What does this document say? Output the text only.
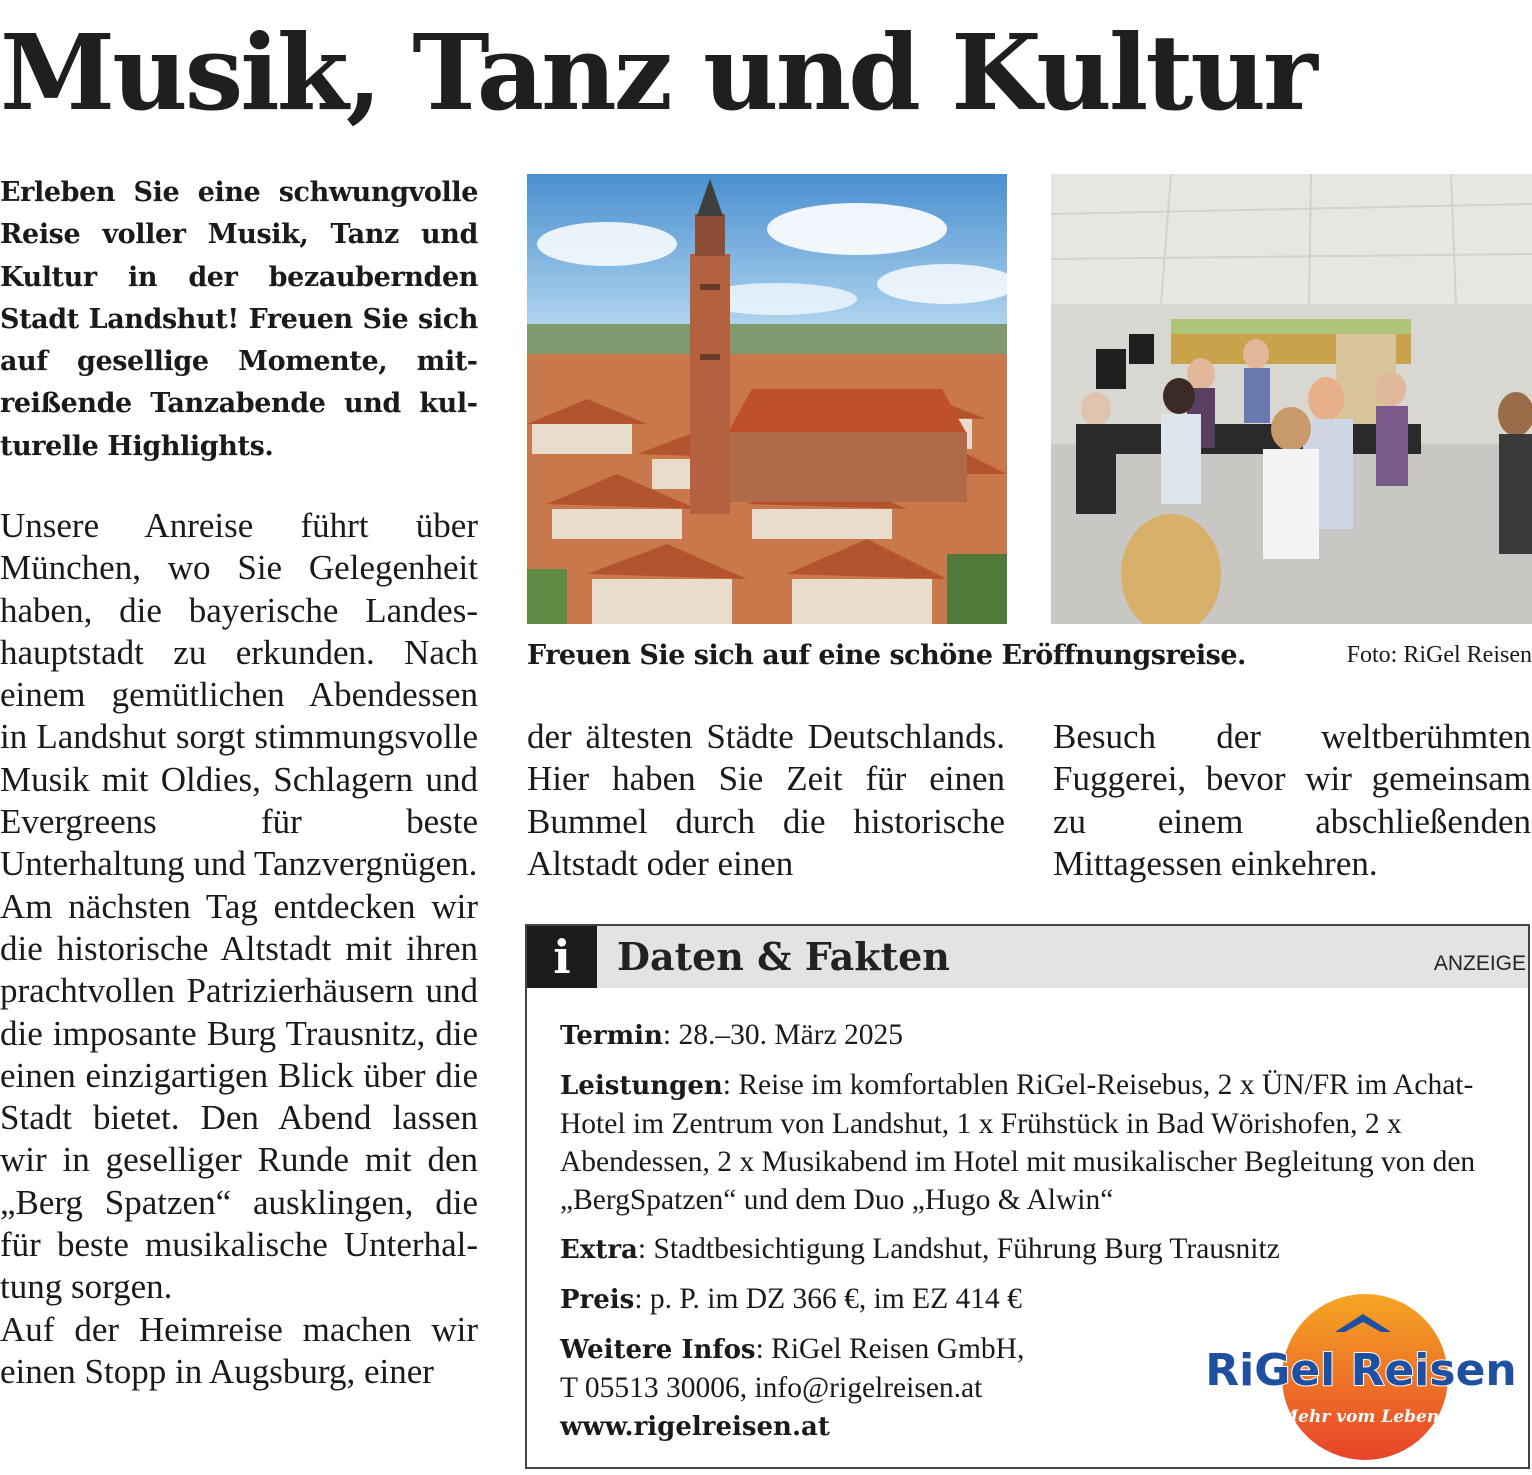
Musik, Tanz und Kultur

Erleben Sie eine schwungvolle Reise voller Musik, Tanz und Kultur in der bezaubernden Stadt Landshut! Freuen Sie sich auf gesellige Momente, mitreißende Tanzabende und kulturelle Highlights.

Unsere Anreise führt über München, wo Sie Gelegenheit haben, die bayerische Landeshauptstadt zu erkunden. Nach einem gemütlichen Abendessen in Landshut sorgt stimmungsvolle Musik mit Oldies, Schlagern und Evergreens für beste Unterhaltung und Tanzvergnügen.

Am nächsten Tag entdecken wir die historische Altstadt mit ihren prachtvollen Patrizierhäusern und die imposante Burg Trausnitz, die einen einzigartigen Blick über die Stadt bietet. Den Abend lassen wir in geselliger Runde mit den „Berg Spatzen“ ausklingen, die für beste musikalische Unterhaltung sorgen.

Auf der Heimreise machen wir einen Stopp in Augsburg, einer

Freuen Sie sich auf eine schöne Eröffnungsreise.	Foto: RiGel Reisen

der ältesten Städte Deutschlands. Hier haben Sie Zeit für einen Bummel durch die historische Altstadt oder einen

Besuch der weltberühmten Fuggerei, bevor wir gemeinsam zu einem abschließenden Mittagessen einkehren.

i	Daten & Fakten	ANZEIGE

Termin: 28.–30. März 2025

Leistungen: Reise im komfortablen RiGel-Reisebus, 2 x ÜN/FR im Achat-Hotel im Zentrum von Landshut, 1 x Frühstück in Bad Wörishofen, 2 x Abendessen, 2 x Musikabend im Hotel mit musikalischer Begleitung von den „BergSpatzen“ und dem Duo „Hugo & Alwin“

Extra: Stadtbesichtigung Landshut, Führung Burg Trausnitz

Preis: p. P. im DZ 366 €, im EZ 414 €

Weitere Infos: RiGel Reisen GmbH,
T 05513 30006, info@rigelreisen.at
www.rigelreisen.at

RiGel Reisen
Mehr vom Leben!
